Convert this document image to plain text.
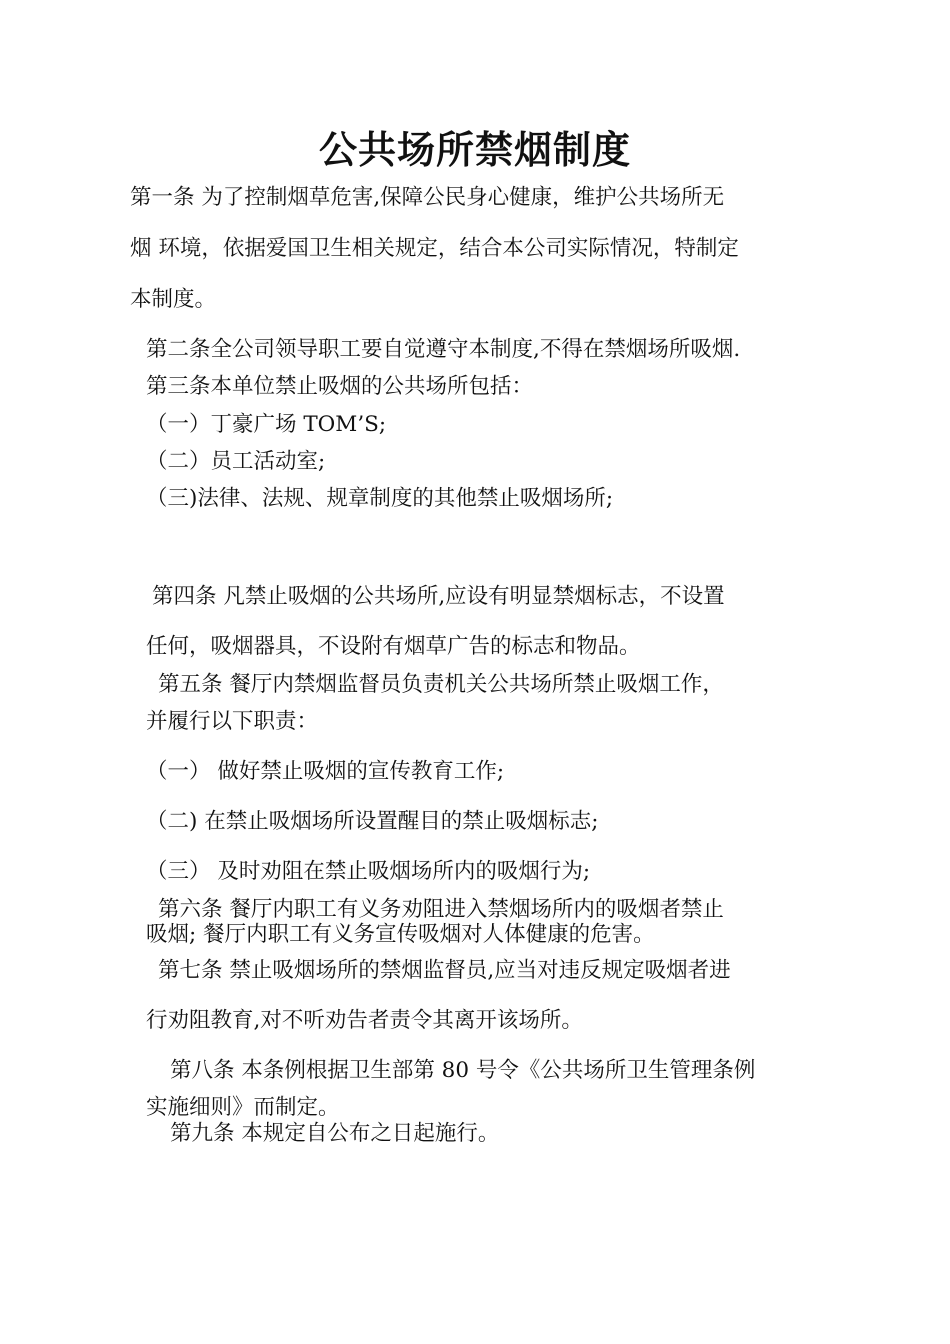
公共场所禁烟制度
第一条 为了控制烟草危害,保障公民身心健康，维护公共场所无
烟 环境，依据爱国卫生相关规定，结合本公司实际情况，特制定
本制度。
第二条全公司领导职工要自觉遵守本制度,不得在禁烟场所吸烟.
第三条本单位禁止吸烟的公共场所包括：
（一）丁豪广场 TOM’S;
（二）员工活动室;
（三)法律、法规、规章制度的其他禁止吸烟场所;
第四条 凡禁止吸烟的公共场所,应设有明显禁烟标志，不设置
任何，吸烟器具，不设附有烟草广告的标志和物品。
第五条 餐厅内禁烟监督员负责机关公共场所禁止吸烟工作，
并履行以下职责：
（一） 做好禁止吸烟的宣传教育工作;
（二) 在禁止吸烟场所设置醒目的禁止吸烟标志;
（三） 及时劝阻在禁止吸烟场所内的吸烟行为;
第六条 餐厅内职工有义务劝阻进入禁烟场所内的吸烟者禁止
吸烟; 餐厅内职工有义务宣传吸烟对人体健康的危害。
第七条 禁止吸烟场所的禁烟监督员,应当对违反规定吸烟者进
行劝阻教育,对不听劝告者责令其离开该场所。
第八条 本条例根据卫生部第 80 号令《公共场所卫生管理条例
实施细则》而制定。
第九条 本规定自公布之日起施行。
